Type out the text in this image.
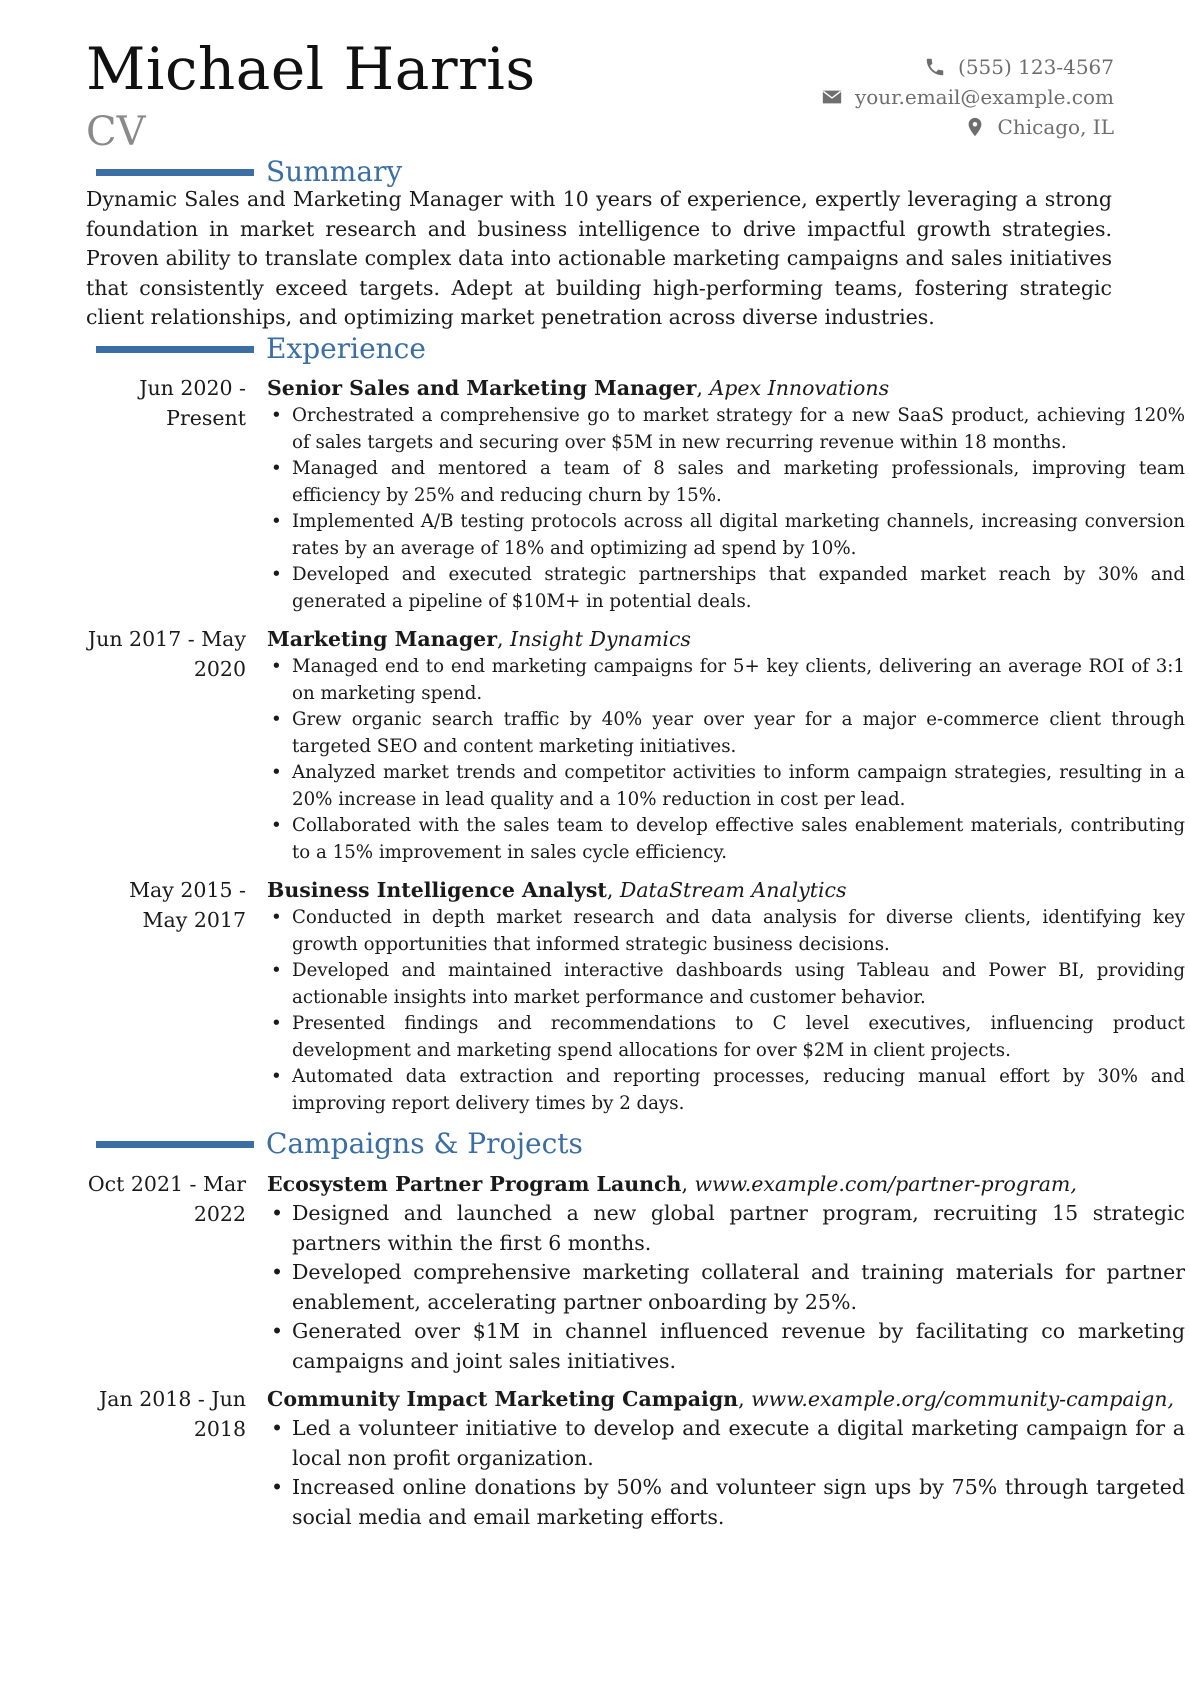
Michael Harris
CV
(555) 123-4567
your.email@example.com
Chicago, IL
Summary
Dynamic Sales and Marketing Manager with 10 years of experience, expertly leveraging a strong foundation in market research and business intelligence to drive impactful growth strategies. Proven ability to translate complex data into actionable marketing campaigns and sales initiatives that consistently exceed targets. Adept at building high-performing teams, fostering strategic client relationships, and optimizing market penetration across diverse industries.
Experience
Jun 2020 - Present
Senior Sales and Marketing Manager, Apex Innovations
• Orchestrated a comprehensive go to market strategy for a new SaaS product, achieving 120% of sales targets and securing over $5M in new recurring revenue within 18 months.
• Managed and mentored a team of 8 sales and marketing professionals, improving team efficiency by 25% and reducing churn by 15%.
• Implemented A/B testing protocols across all digital marketing channels, increasing conversion rates by an average of 18% and optimizing ad spend by 10%.
• Developed and executed strategic partnerships that expanded market reach by 30% and generated a pipeline of $10M+ in potential deals.
Jun 2017 - May 2020
Marketing Manager, Insight Dynamics
• Managed end to end marketing campaigns for 5+ key clients, delivering an average ROI of 3:1 on marketing spend.
• Grew organic search traffic by 40% year over year for a major e-commerce client through targeted SEO and content marketing initiatives.
• Analyzed market trends and competitor activities to inform campaign strategies, resulting in a 20% increase in lead quality and a 10% reduction in cost per lead.
• Collaborated with the sales team to develop effective sales enablement materials, contributing to a 15% improvement in sales cycle efficiency.
May 2015 - May 2017
Business Intelligence Analyst, DataStream Analytics
• Conducted in depth market research and data analysis for diverse clients, identifying key growth opportunities that informed strategic business decisions.
• Developed and maintained interactive dashboards using Tableau and Power BI, providing actionable insights into market performance and customer behavior.
• Presented findings and recommendations to C level executives, influencing product development and marketing spend allocations for over $2M in client projects.
• Automated data extraction and reporting processes, reducing manual effort by 30% and improving report delivery times by 2 days.
Campaigns & Projects
Oct 2021 - Mar 2022
Ecosystem Partner Program Launch, www.example.com/partner-program,
• Designed and launched a new global partner program, recruiting 15 strategic partners within the first 6 months.
• Developed comprehensive marketing collateral and training materials for partner enablement, accelerating partner onboarding by 25%.
• Generated over $1M in channel influenced revenue by facilitating co marketing campaigns and joint sales initiatives.
Jan 2018 - Jun 2018
Community Impact Marketing Campaign, www.example.org/community-campaign,
• Led a volunteer initiative to develop and execute a digital marketing campaign for a local non profit organization.
• Increased online donations by 50% and volunteer sign ups by 75% through targeted social media and email marketing efforts.
